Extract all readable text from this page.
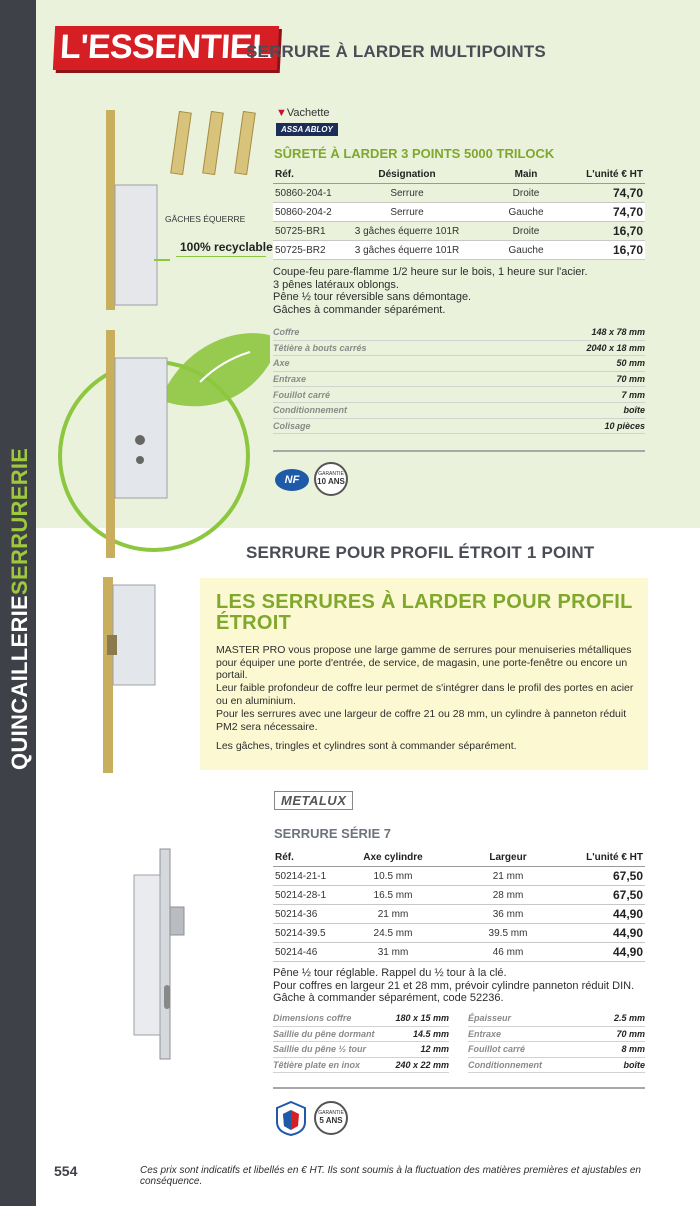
QUINCAILLERIESERRURERIE
L'ESSENTIEL
SERRURE À LARDER MULTIPOINTS
GÂCHES ÉQUERRE
100% recyclable
▼Vachette
ASSA ABLOY
SÛRETÉ À LARDER 3 POINTS 5000 TRILOCK
Réf.	Désignation	Main	L'unité € HT
50860-204-1	Serrure	Droite	74,70
50860-204-2	Serrure	Gauche	74,70
50725-BR1	3 gâches équerre 101R	Droite	16,70
50725-BR2	3 gâches équerre 101R	Gauche	16,70
Coupe-feu pare-flamme 1/2 heure sur le bois, 1 heure sur l'acier.
3 pênes latéraux oblongs.
Pêne ½ tour réversible sans démontage.
Gâches à commander séparément.
Coffre	148 x 78 mm
Têtière à bouts carrés	2040 x 18 mm
Axe	50 mm
Entraxe	70 mm
Fouillot carré	7 mm
Conditionnement	boîte
Colisage	10 pièces
NF	GARANTIE
10 ANS
SERRURE POUR PROFIL ÉTROIT 1 POINT
LES SERRURES À LARDER POUR PROFIL ÉTROIT
MASTER PRO vous propose une large gamme de serrures pour menuiseries métalliques pour équiper une porte d'entrée, de service, de magasin, une porte-fenêtre ou encore un portail.
Leur faible profondeur de coffre leur permet de s'intégrer dans le profil des portes en acier ou en aluminium.
Pour les serrures avec une largeur de coffre 21 ou 28 mm, un cylindre à panneton réduit PM2 sera nécessaire.
Les gâches, tringles et cylindres sont à commander séparément.
METALUX
SERRURE SÉRIE 7
Réf.	Axe cylindre	Largeur	L'unité € HT
50214-21-1	10.5 mm	21 mm	67,50
50214-28-1	16.5 mm	28 mm	67,50
50214-36	21 mm	36 mm	44,90
50214-39.5	24.5 mm	39.5 mm	44,90
50214-46	31 mm	46 mm	44,90
Pêne ½ tour réglable. Rappel du ½ tour à la clé.
Pour coffres en largeur 21 et 28 mm, prévoir cylindre panneton réduit DIN.
Gâche à commander séparément, code 52236.
Dimensions coffre	180 x 15 mm
Saillie du pêne dormant	14.5 mm
Saillie du pêne ½ tour	12 mm
Têtière plate en inox	240 x 22 mm
Épaisseur	2.5 mm
Entraxe	70 mm
Fouillot carré	8 mm
Conditionnement	boîte
GARANTIE
5 ANS
554	Ces prix sont indicatifs et libellés en € HT. Ils sont soumis à la fluctuation des matières premières et ajustables en conséquence.
